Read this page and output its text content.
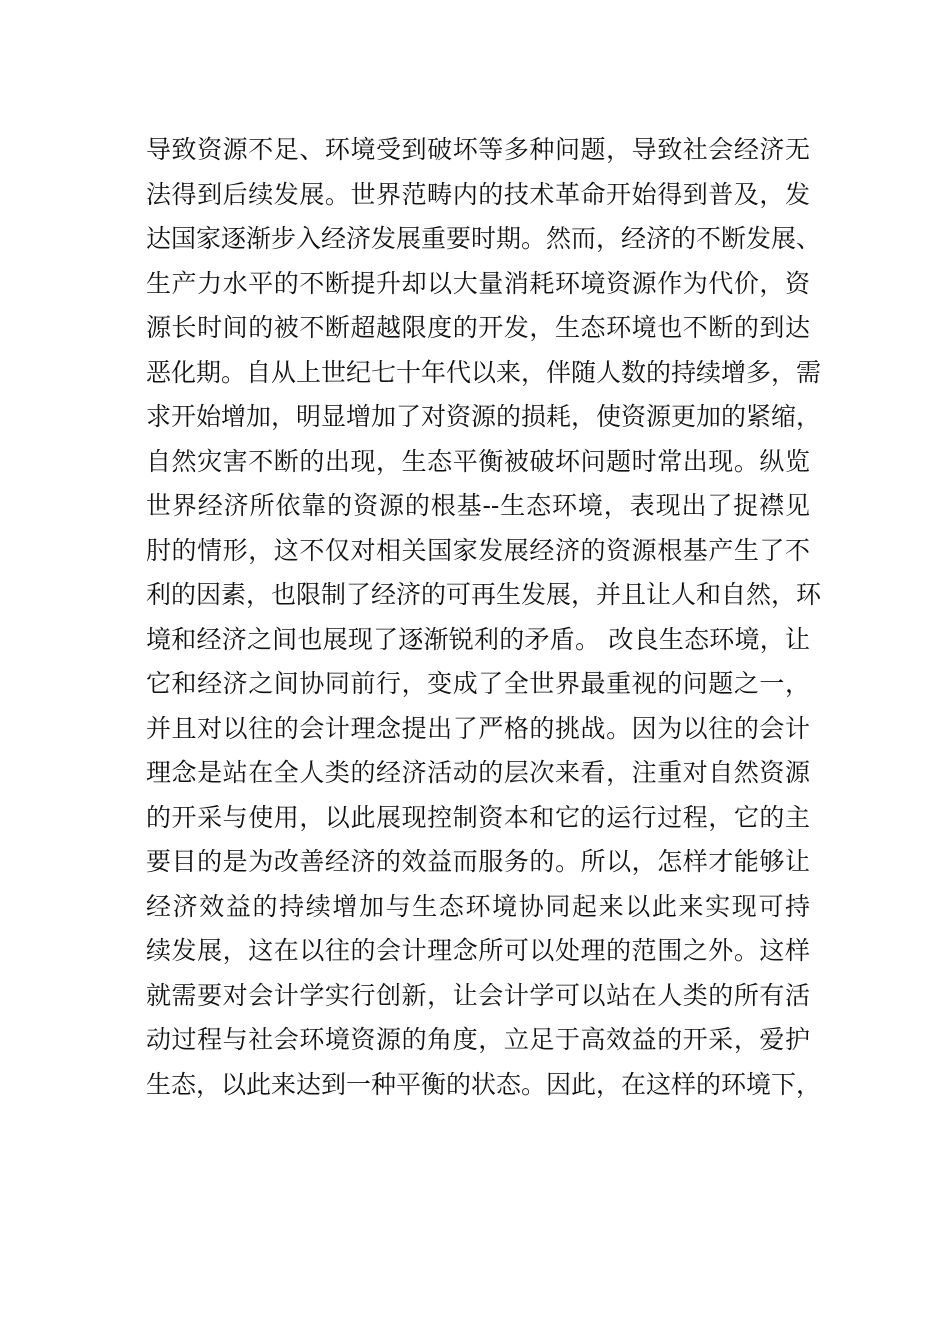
导致资源不足、环境受到破坏等多种问题，导致社会经济无
法得到后续发展。世界范畴内的技术革命开始得到普及，发
达国家逐渐步入经济发展重要时期。然而，经济的不断发展、
生产力水平的不断提升却以大量消耗环境资源作为代价，资
源长时间的被不断超越限度的开发，生态环境也不断的到达
恶化期。自从上世纪七十年代以来，伴随人数的持续增多，需
求开始增加，明显增加了对资源的损耗，使资源更加的紧缩，
自然灾害不断的出现，生态平衡被破坏问题时常出现。纵览
世界经济所依靠的资源的根基--生态环境，表现出了捉襟见
肘的情形，这不仅对相关国家发展经济的资源根基产生了不
利的因素，也限制了经济的可再生发展，并且让人和自然，环
境和经济之间也展现了逐渐锐利的矛盾。 改良生态环境，让
它和经济之间协同前行，变成了全世界最重视的问题之一，
并且对以往的会计理念提出了严格的挑战。因为以往的会计
理念是站在全人类的经济活动的层次来看，注重对自然资源
的开采与使用，以此展现控制资本和它的运行过程，它的主
要目的是为改善经济的效益而服务的。所以，怎样才能够让
经济效益的持续增加与生态环境协同起来以此来实现可持
续发展，这在以往的会计理念所可以处理的范围之外。这样
就需要对会计学实行创新，让会计学可以站在人类的所有活
动过程与社会环境资源的角度，立足于高效益的开采，爱护
生态，以此来达到一种平衡的状态。因此，在这样的环境下，
